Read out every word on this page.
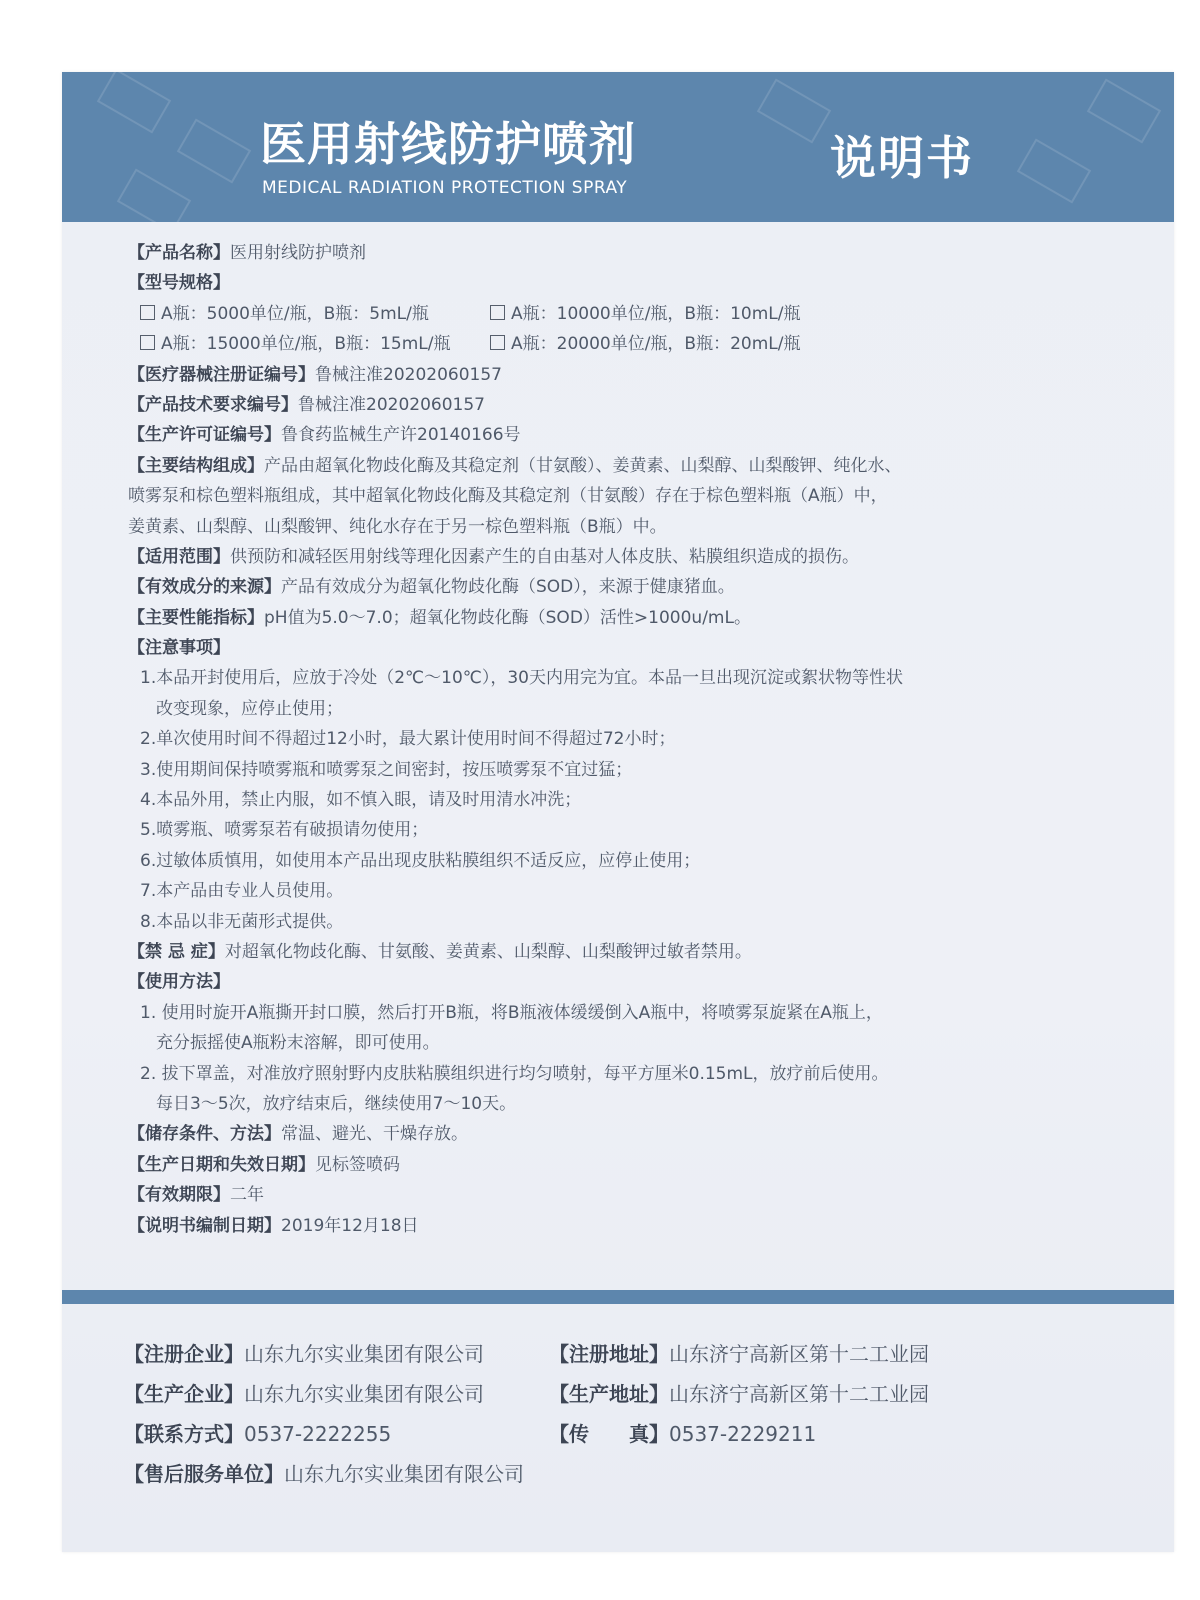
医用射线防护喷剂
MEDICAL RADIATION PROTECTION SPRAY
说明书
【产品名称】医用射线防护喷剂
【型号规格】
A瓶：5000单位/瓶，B瓶：5mL/瓶	A瓶：10000单位/瓶，B瓶：10mL/瓶
A瓶：15000单位/瓶，B瓶：15mL/瓶	A瓶：20000单位/瓶，B瓶：20mL/瓶
【医疗器械注册证编号】鲁械注准20202060157
【产品技术要求编号】鲁械注准20202060157
【生产许可证编号】鲁食药监械生产许20140166号
【主要结构组成】产品由超氧化物歧化酶及其稳定剂（甘氨酸）、姜黄素、山梨醇、山梨酸钾、纯化水、
喷雾泵和棕色塑料瓶组成，其中超氧化物歧化酶及其稳定剂（甘氨酸）存在于棕色塑料瓶（A瓶）中，
姜黄素、山梨醇、山梨酸钾、纯化水存在于另一棕色塑料瓶（B瓶）中。
【适用范围】供预防和减轻医用射线等理化因素产生的自由基对人体皮肤、粘膜组织造成的损伤。
【有效成分的来源】产品有效成分为超氧化物歧化酶（SOD），来源于健康猪血。
【主要性能指标】pH值为5.0～7.0；超氧化物歧化酶（SOD）活性>1000u/mL。
【注意事项】
1.本品开封使用后，应放于冷处（2℃～10℃），30天内用完为宜。本品一旦出现沉淀或絮状物等性状
改变现象，应停止使用；
2.单次使用时间不得超过12小时，最大累计使用时间不得超过72小时；
3.使用期间保持喷雾瓶和喷雾泵之间密封，按压喷雾泵不宜过猛；
4.本品外用，禁止内服，如不慎入眼，请及时用清水冲洗；
5.喷雾瓶、喷雾泵若有破损请勿使用；
6.过敏体质慎用，如使用本产品出现皮肤粘膜组织不适反应，应停止使用；
7.本产品由专业人员使用。
8.本品以非无菌形式提供。
【禁 忌 症】对超氧化物歧化酶、甘氨酸、姜黄素、山梨醇、山梨酸钾过敏者禁用。
【使用方法】
1. 使用时旋开A瓶撕开封口膜，然后打开B瓶，将B瓶液体缓缓倒入A瓶中，将喷雾泵旋紧在A瓶上，
充分振摇使A瓶粉末溶解，即可使用。
2. 拔下罩盖，对准放疗照射野内皮肤粘膜组织进行均匀喷射，每平方厘米0.15mL，放疗前后使用。
每日3～5次，放疗结束后，继续使用7～10天。
【储存条件、方法】常温、避光、干燥存放。
【生产日期和失效日期】见标签喷码
【有效期限】二年
【说明书编制日期】2019年12月18日
【注册企业】山东九尔实业集团有限公司	【注册地址】山东济宁高新区第十二工业园
【生产企业】山东九尔实业集团有限公司	【生产地址】山东济宁高新区第十二工业园
【联系方式】0537-2222255	【传　　真】0537-2229211
【售后服务单位】山东九尔实业集团有限公司
